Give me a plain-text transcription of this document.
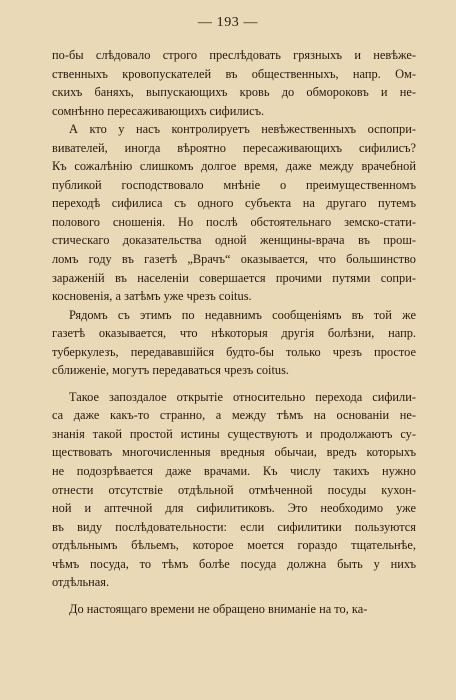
— 193 —
по-бы слѣдовало строго преслѣдовать грязныхъ и невѣже-
ственныхъ кровопускателей въ общественныхъ, напр. Ом-
скихъ баняхъ, выпускающихъ кровь до обмороковъ и не-
сомнѣнно пересаживающихъ сифилисъ.
А кто у насъ контролируетъ невѣжественныхъ оспопри-
вивателей, иногда вѣроятно пересаживающихъ сифилисъ?
Къ сожалѣнію слишкомъ долгое время, даже между врачебной
публикой господствовало мнѣніе о преимущественномъ
переходѣ сифилиса съ одного субъекта на другаго путемъ
полового сношенія. Но послѣ обстоятельнаго земско-стати-
стическаго доказательства одной женщины-врача въ прош-
ломъ году въ газетѣ „Врачъ“ оказывается, что большинство
зараженій въ населеніи совершается прочими путями сопри-
косновенія, а затѣмъ уже чрезъ coitus.
Рядомъ съ этимъ по недавнимъ сообщеніямъ въ той же
газетѣ оказывается, что нѣкоторыя другія болѣзни, напр.
туберкулезъ, передававшійся будто-бы только чрезъ простое
сближеніе, могутъ передаваться чрезъ coitus.
Такое запоздалое открытіе относительно перехода сифили-
са даже какъ-то странно, а между тѣмъ на основаніи не-
знанія такой простой истины существуютъ и продолжаютъ су-
ществовать многочисленныя вредныя обычаи, вредъ которыхъ
не подозрѣвается даже врачами. Къ числу такихъ нужно
отнести отсутствіе отдѣльной отмѣченной посуды кухон-
ной и аптечной для сифилитиковъ. Это необходимо уже
въ виду послѣдовательности: если сифилитики пользуются
отдѣльнымъ бѣльемъ, которое моется гораздо тщательнѣе,
чѣмъ посуда, то тѣмъ болѣе посуда должна быть у нихъ
отдѣльная.
До настоящаго времени не обращено вниманіе на то, ка-
